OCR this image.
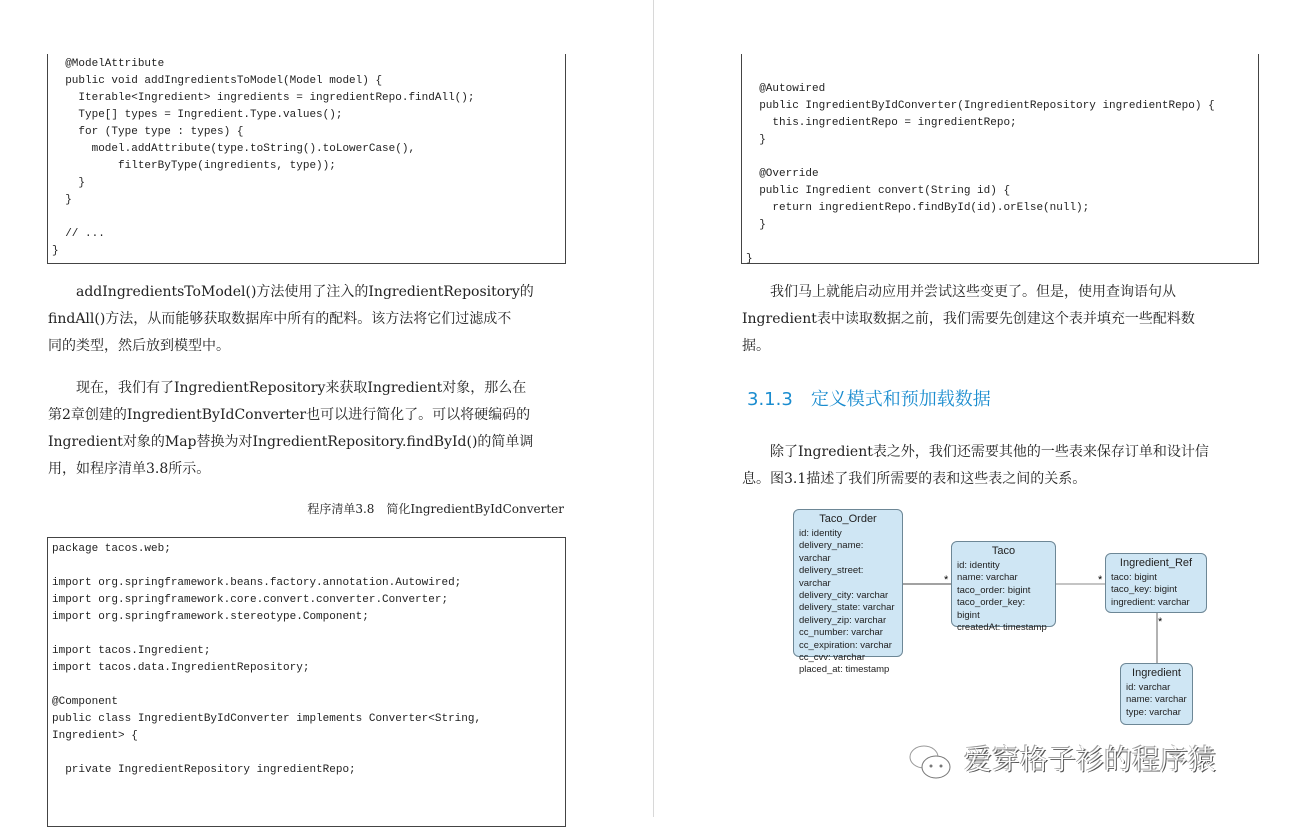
@ModelAttribute
public void addIngredientsToModel(Model model) {
Iterable<Ingredient> ingredients = ingredientRepo.findAll();
Type[] types = Ingredient.Type.values();
for (Type type : types) {
model.addAttribute(type.toString().toLowerCase(),
filterByType(ingredients, type));
}
}
// ...
}

addIngredientsToModel()方法使用了注入的IngredientRepository的

findAll()方法，从而能够获取数据库中所有的配料。该方法将它们过滤成不

同的类型，然后放到模型中。

现在，我们有了IngredientRepository来获取Ingredient对象，那么在

第2章创建的IngredientByIdConverter也可以进行简化了。可以将硬编码的

Ingredient对象的Map替换为对IngredientRepository.findById()的简单调

用，如程序清单3.8所示。

程序清单3.8　简化IngredientByIdConverter
package tacos.web;
import org.springframework.beans.factory.annotation.Autowired;
import org.springframework.core.convert.converter.Converter;
import org.springframework.stereotype.Component;
import tacos.Ingredient;
import tacos.data.IngredientRepository;
@Component
public class IngredientByIdConverter implements Converter<String,
Ingredient> {
private IngredientRepository ingredientRepo;
@Autowired
public IngredientByIdConverter(IngredientRepository ingredientRepo) {
this.ingredientRepo = ingredientRepo;
}
@Override
public Ingredient convert(String id) {
return ingredientRepo.findById(id).orElse(null);
}
}

我们马上就能启动应用并尝试这些变更了。但是，使用查询语句从

Ingredient表中读取数据之前，我们需要先创建这个表并填充一些配料数

据。

3.1.3 定义模式和预加载数据

除了Ingredient表之外，我们还需要其他的一些表来保存订单和设计信

息。图3.1描述了我们所需要的表和这些表之间的关系。

*	*
*
Taco_Order
id: identity
delivery_name: varchar
delivery_street: varchar
delivery_city: varchar
delivery_state: varchar
delivery_zip: varchar
cc_number: varchar
cc_expiration: varchar
cc_cvv: varchar
placed_at: timestamp
Taco
id: identity
name: varchar
taco_order: bigint
taco_order_key: bigint
createdAt: timestamp
Ingredient_Ref
taco: bigint
taco_key: bigint
ingredient: varchar
Ingredient
id: varchar
name: varchar
type: varchar
爱穿格子衫的程序猿
